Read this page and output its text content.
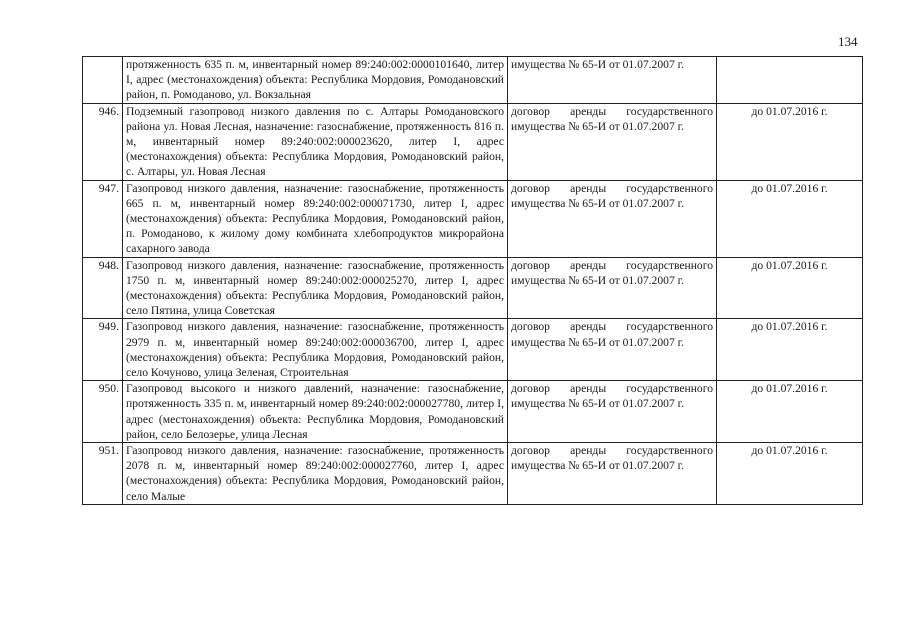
134
	протяженность 635 п. м, инвентарный номер 89:240:002:0000101640, литер I, адрес (местонахождения) объекта: Республика Мордовия, Ромодановский район, п. Ромоданово, ул. Вокзальная	имущества № 65-И от 01.07.2007 г.	
946.	Подземный газопровод низкого давления по с. Алтары Ромодановского района ул. Новая Лесная, назначение: газоснабжение, протяженность 816 п. м, инвентарный номер 89:240:002:000023620, литер I, адрес (местонахождения) объекта: Республика Мордовия, Ромодановский район, с. Алтары, ул. Новая Лесная	договор аренды государственного имущества № 65-И от 01.07.2007 г.	до 01.07.2016 г.
947.	Газопровод низкого давления, назначение: газоснабжение, протяженность 665 п. м, инвентарный номер 89:240:002:000071730, литер I, адрес (местонахождения) объекта: Республика Мордовия, Ромодановский район, п. Ромоданово, к жилому дому комбината хлебопродуктов микрорайона сахарного завода	договор аренды государственного имущества № 65-И от 01.07.2007 г.	до 01.07.2016 г.
948.	Газопровод низкого давления, назначение: газоснабжение, протяженность 1750 п. м, инвентарный номер 89:240:002:000025270, литер I, адрес (местонахождения) объекта: Республика Мордовия, Ромодановский район, село Пятина, улица Советская	договор аренды государственного имущества № 65-И от 01.07.2007 г.	до 01.07.2016 г.
949.	Газопровод низкого давления, назначение: газоснабжение, протяженность 2979 п. м, инвентарный номер 89:240:002:000036700, литер I, адрес (местонахождения) объекта: Республика Мордовия, Ромодановский район, село Кочуново, улица Зеленая, Строительная	договор аренды государственного имущества № 65-И от 01.07.2007 г.	до 01.07.2016 г.
950.	Газопровод высокого и низкого давлений, назначение: газоснабжение, протяженность 335 п. м, инвентарный номер 89:240:002:000027780, литер I, адрес (местонахождения) объекта: Республика Мордовия, Ромодановский район, село Белозерье, улица Лесная	договор аренды государственного имущества № 65-И от 01.07.2007 г.	до 01.07.2016 г.
951.	Газопровод низкого давления, назначение: газоснабжение, протяженность 2078 п. м, инвентарный номер 89:240:002:000027760, литер I, адрес (местонахождения) объекта: Республика Мордовия, Ромодановский район, село Малые	договор аренды государственного имущества № 65-И от 01.07.2007 г.	до 01.07.2016 г.
